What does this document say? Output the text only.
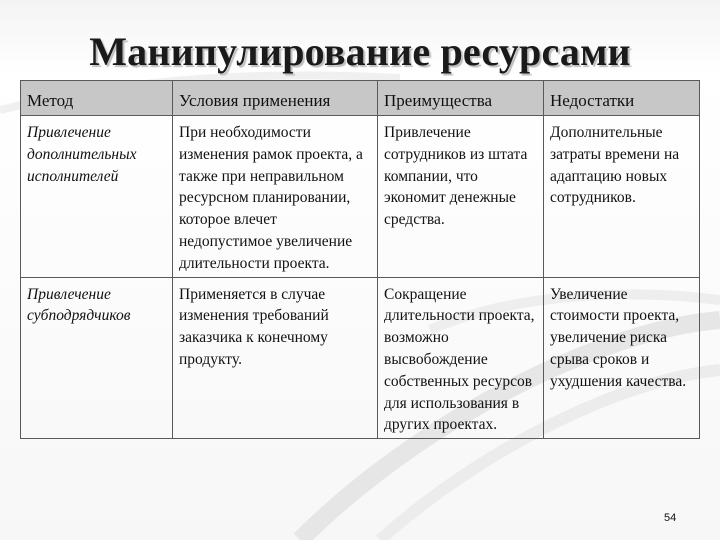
Манипулирование ресурсами
Метод	Условия применения	Преимущества	Недостатки
Привлечение дополнительных исполнителей	При необходимости изменения рамок проекта, а также при неправильном ресурсном планировании, которое влечет недопустимое увеличение длительности проекта.	Привлечение сотрудников из штата компании, что экономит денежные средства.	Дополнительные затраты времени на адаптацию новых сотрудников.
Привлечение субподрядчиков	Применяется в случае изменения требований заказчика к конечному продукту.	Сокращение длительности проекта, возможно высвобождение собственных ресурсов для использования в других проектах.	Увеличение стоимости проекта, увеличение риска срыва сроков и ухудшения качества.
54
